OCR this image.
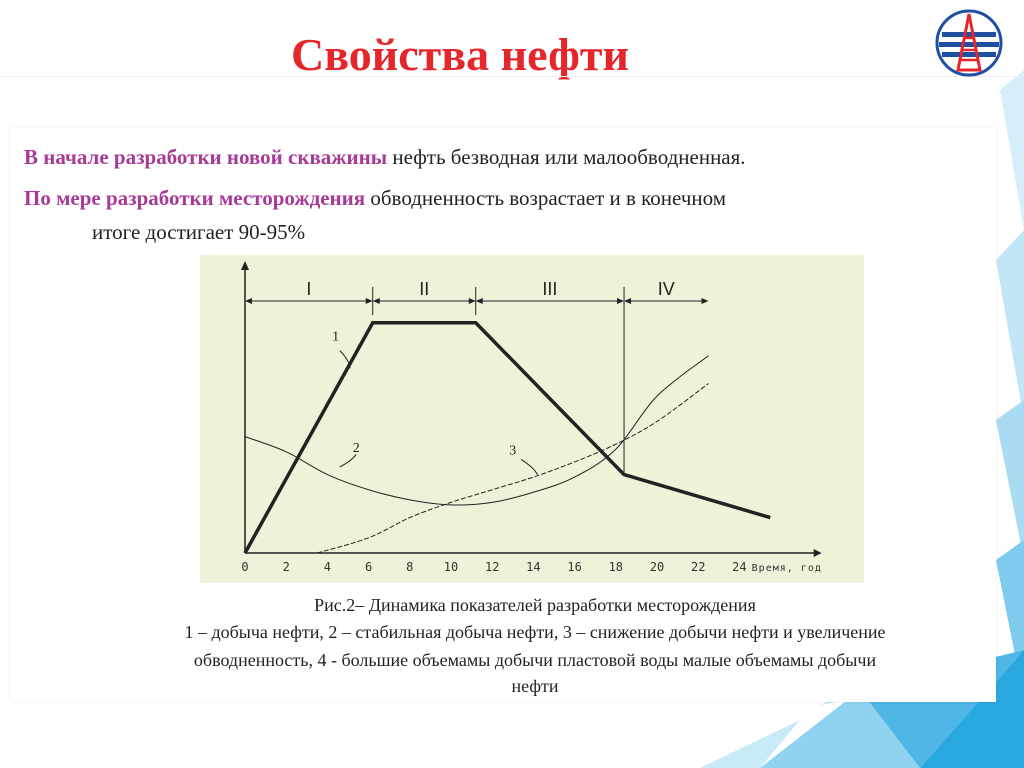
Свойства нефти
В начале разработки новой скважины нефть безводная или малообводненная.
По мере разработки месторождения обводненность возрастает и в конечном
итоге достигает 90-95%
0	2	4	6	8	10 12 14 16 18 20 22 24 Время, год
I	II	III	IV
1
2	3
Рис.2– Динамика показателей разработки месторождения
1 – добыча нефти, 2 – стабильная добыча нефти, 3 – снижение добычи нефти и увеличение
обводненность, 4 - большие объемамы добычи пластовой воды малые объемамы добычи
нефти
